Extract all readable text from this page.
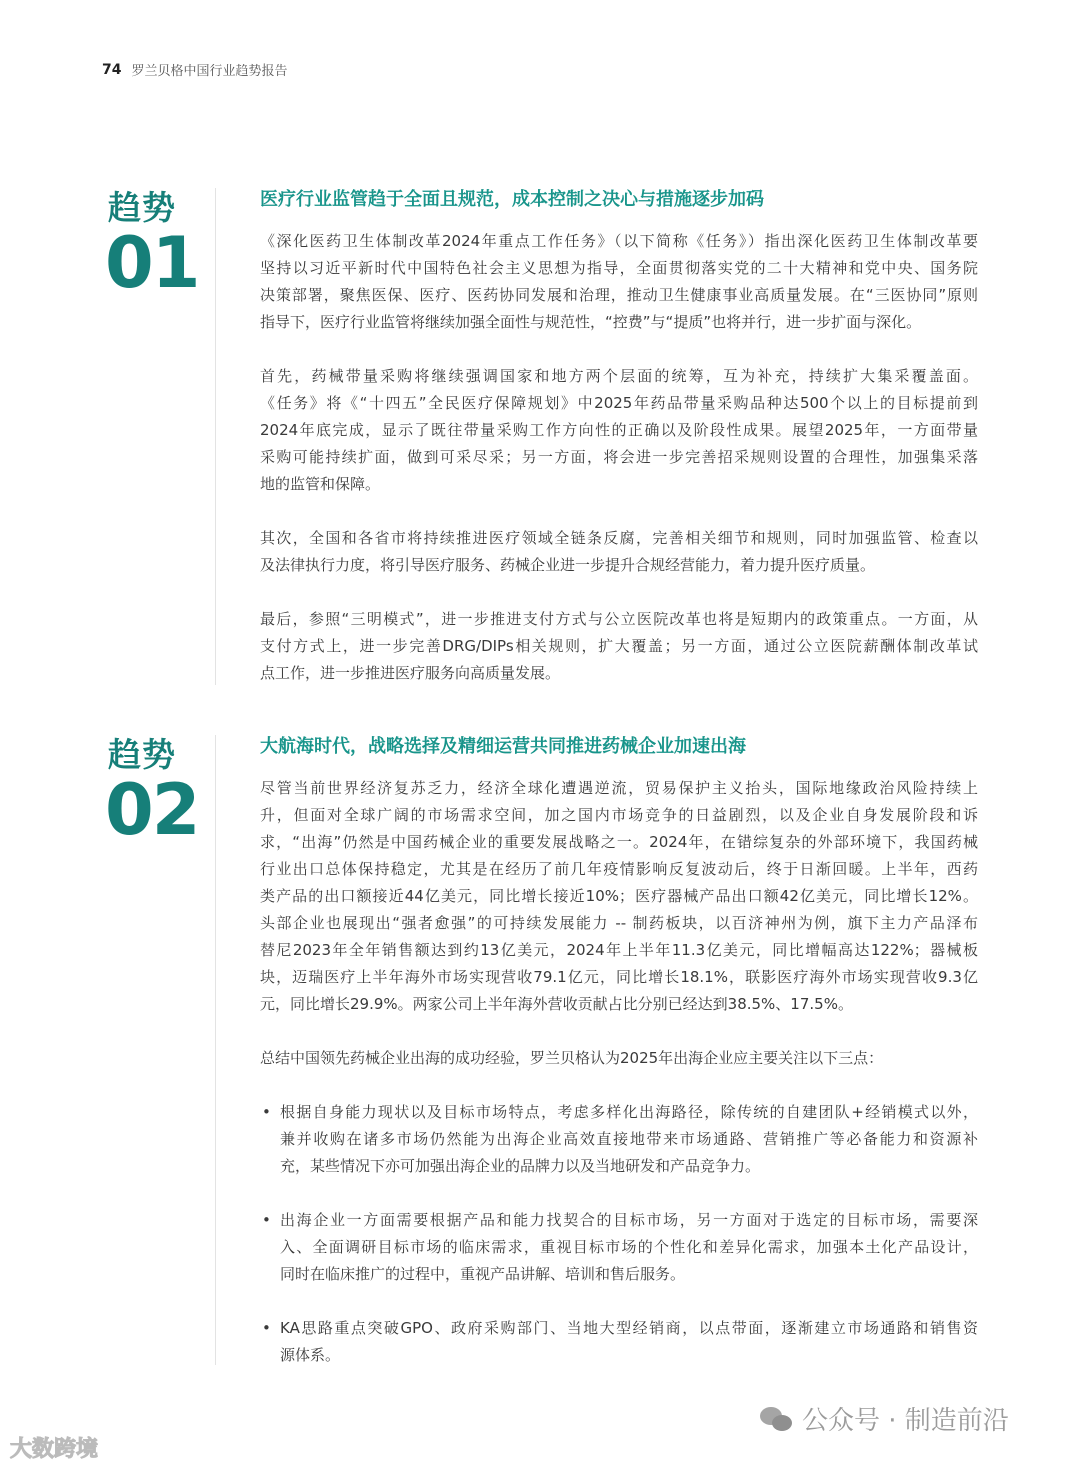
74 罗兰贝格中国行业趋势报告
趋势
01
医疗行业监管趋于全面且规范，成本控制之决心与措施逐步加码
《深化医药卫生体制改革2024年重点工作任务》（以下简称《任务》）指出深化医药卫生体制改革要
坚持以习近平新时代中国特色社会主义思想为指导，全面贯彻落实党的二十大精神和党中央、国务院
决策部署，聚焦医保、医疗、医药协同发展和治理，推动卫生健康事业高质量发展。在“三医协同”原则
指导下，医疗行业监管将继续加强全面性与规范性，“控费”与“提质”也将并行，进一步扩面与深化。
首先，药械带量采购将继续强调国家和地方两个层面的统筹，互为补充，持续扩大集采覆盖面。
《任务》将《“十四五”全民医疗保障规划》中2025年药品带量采购品种达500个以上的目标提前到
2024年底完成，显示了既往带量采购工作方向性的正确以及阶段性成果。展望2025年，一方面带量
采购可能持续扩面，做到可采尽采；另一方面，将会进一步完善招采规则设置的合理性，加强集采落
地的监管和保障。
其次，全国和各省市将持续推进医疗领域全链条反腐，完善相关细节和规则，同时加强监管、检查以
及法律执行力度，将引导医疗服务、药械企业进一步提升合规经营能力，着力提升医疗质量。
最后，参照“三明模式”，进一步推进支付方式与公立医院改革也将是短期内的政策重点。一方面，从
支付方式上，进一步完善DRG/DIPs相关规则，扩大覆盖；另一方面，通过公立医院薪酬体制改革试
点工作，进一步推进医疗服务向高质量发展。
趋势
02
大航海时代，战略选择及精细运营共同推进药械企业加速出海
尽管当前世界经济复苏乏力，经济全球化遭遇逆流，贸易保护主义抬头，国际地缘政治风险持续上
升，但面对全球广阔的市场需求空间，加之国内市场竞争的日益剧烈，以及企业自身发展阶段和诉
求，“出海”仍然是中国药械企业的重要发展战略之一。2024年，在错综复杂的外部环境下，我国药械
行业出口总体保持稳定，尤其是在经历了前几年疫情影响反复波动后，终于日渐回暖。上半年，西药
类产品的出口额接近44亿美元，同比增长接近10%；医疗器械产品出口额42亿美元，同比增长12%。
头部企业也展现出“强者愈强”的可持续发展能力 -- 制药板块，以百济神州为例，旗下主力产品泽布
替尼2023年全年销售额达到约13亿美元，2024年上半年11.3亿美元，同比增幅高达122%；器械板
块，迈瑞医疗上半年海外市场实现营收79.1亿元，同比增长18.1%，联影医疗海外市场实现营收9.3亿
元，同比增长29.9%。两家公司上半年海外营收贡献占比分别已经达到38.5%、17.5%。
总结中国领先药械企业出海的成功经验，罗兰贝格认为2025年出海企业应主要关注以下三点：
• 根据自身能力现状以及目标市场特点，考虑多样化出海路径，除传统的自建团队+经销模式以外，
兼并收购在诸多市场仍然能为出海企业高效直接地带来市场通路、营销推广等必备能力和资源补
充，某些情况下亦可加强出海企业的品牌力以及当地研发和产品竞争力。
• 出海企业一方面需要根据产品和能力找契合的目标市场，另一方面对于选定的目标市场，需要深
入、全面调研目标市场的临床需求，重视目标市场的个性化和差异化需求，加强本土化产品设计，
同时在临床推广的过程中，重视产品讲解、培训和售后服务。
• KA思路重点突破GPO、政府采购部门、当地大型经销商，以点带面，逐渐建立市场通路和销售资
源体系。
公众号 · 制造前沿
大数跨境
